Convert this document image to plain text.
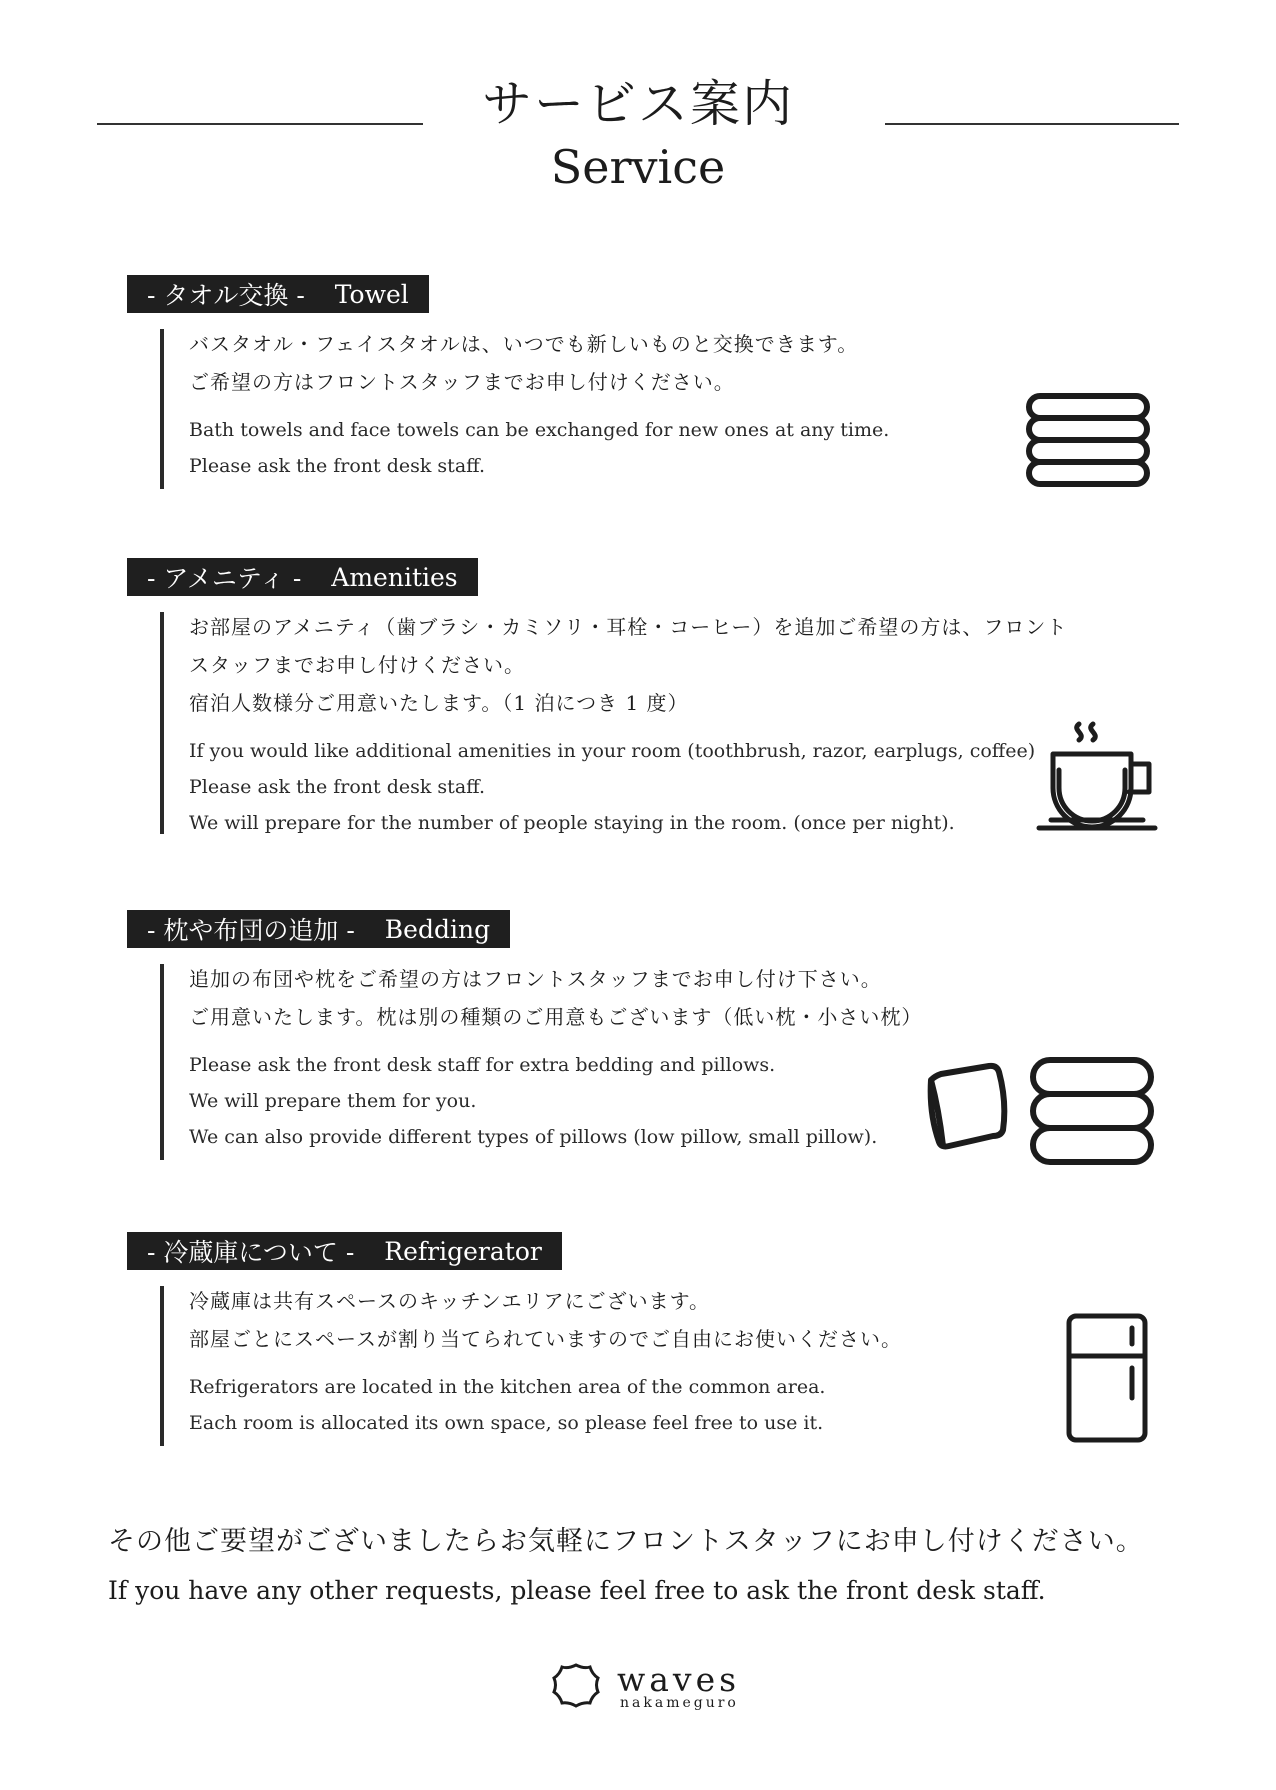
サービス案内
Service
- タオル交換 - Towel
バスタオル・フェイスタオルは、いつでも新しいものと交換できます。
ご希望の方はフロントスタッフまでお申し付けください。
Bath towels and face towels can be exchanged for new ones at any time.
Please ask the front desk staff.
- アメニティ - Amenities
お部屋のアメニティ（歯ブラシ・カミソリ・耳栓・コーヒー）を追加ご希望の方は、フロント
スタッフまでお申し付けください。
宿泊人数様分ご用意いたします。（1 泊につき 1 度）
If you would like additional amenities in your room (toothbrush, razor, earplugs, coffee)
Please ask the front desk staff.
We will prepare for the number of people staying in the room. (once per night).
- 枕や布団の追加 - Bedding
追加の布団や枕をご希望の方はフロントスタッフまでお申し付け下さい。
ご用意いたします。枕は別の種類のご用意もございます（低い枕・小さい枕）
Please ask the front desk staff for extra bedding and pillows.
We will prepare them for you.
We can also provide different types of pillows (low pillow, small pillow).
- 冷蔵庫について - Refrigerator
冷蔵庫は共有スペースのキッチンエリアにございます。
部屋ごとにスペースが割り当てられていますのでご自由にお使いください。
Refrigerators are located in the kitchen area of the common area.
Each room is allocated its own space, so please feel free to use it.
その他ご要望がございましたらお気軽にフロントスタッフにお申し付けください。
If you have any other requests, please feel free to ask the front desk staff.
waves
nakameguro
